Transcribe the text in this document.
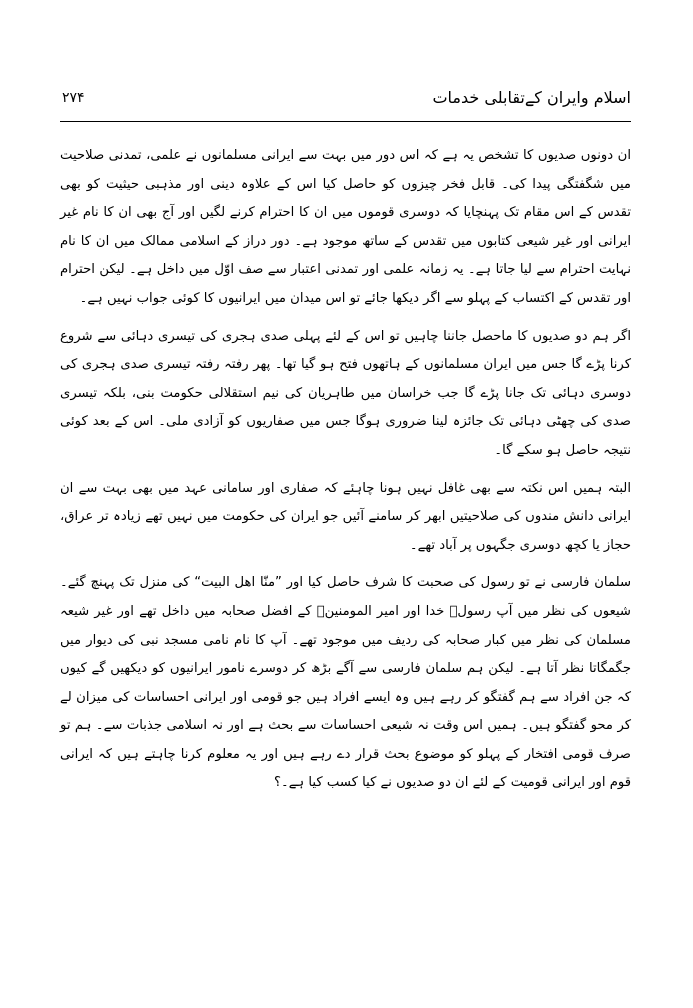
اسلام وایران کےتقابلی خدمات
۲۷۴

ان دونوں صدیوں کا تشخص یہ ہے کہ اس دور میں بہت سے ایرانی مسلمانوں نے علمی، تمدنی صلاحیت میں شگفتگی پیدا کی۔ قابل فخر چیزوں کو حاصل کیا اس کے علاوہ دینی اور مذہبی حیثیت کو بھی تقدس کے اس مقام تک پہنچایا کہ دوسری قوموں میں ان کا احترام کرنے لگیں اور آج بھی ان کا نام غیر ایرانی اور غیر شیعی کتابوں میں تقدس کے ساتھ موجود ہے۔ دور دراز کے اسلامی ممالک میں ان کا نام نہایت احترام سے لیا جاتا ہے۔ یہ زمانہ علمی اور تمدنی اعتبار سے صف اوّل میں داخل ہے۔ لیکن احترام اور تقدس کے اکتساب کے پہلو سے اگر دیکھا جائے تو اس میدان میں ایرانیوں کا کوئی جواب نہیں ہے۔

اگر ہم دو صدیوں کا ماحصل جاننا چاہیں تو اس کے لئے پہلی صدی ہجری کی تیسری دہائی سے شروع کرنا پڑے گا جس میں ایران مسلمانوں کے ہاتھوں فتح ہو گیا تھا۔ پھر رفتہ رفتہ تیسری صدی ہجری کی دوسری دہائی تک جانا پڑے گا جب خراسان میں طاہریان کی نیم استقلالی حکومت بنی، بلکہ تیسری صدی کی چھٹی دہائی تک جائزہ لینا ضروری ہوگا جس میں صفاریوں کو آزادی ملی۔ اس کے بعد کوئی نتیجہ حاصل ہو سکے گا۔

البتہ ہمیں اس نکتہ سے بھی غافل نہیں ہونا چاہئے کہ صفاری اور سامانی عہد میں بھی بہت سے ان ایرانی دانش مندوں کی صلاحیتیں ابھر کر سامنے آئیں جو ایران کی حکومت میں نہیں تھے زیادہ تر عراق، حجاز یا کچھ دوسری جگہوں پر آباد تھے۔

سلمان فارسی نے تو رسول کی صحبت کا شرف حاصل کیا اور ”منّا اھل البیت“ کی منزل تک پہنچ گئے۔ شیعوں کی نظر میں آپ رسولؐ خدا اور امیر المومنینؑ کے افضل صحابہ میں داخل تھے اور غیر شیعہ مسلمان کی نظر میں کبار صحابہ کی ردیف میں موجود تھے۔ آپ کا نام نامی مسجد نبی کی دیوار میں جگمگاتا نظر آتا ہے۔ لیکن ہم سلمان فارسی سے آگے بڑھ کر دوسرے نامور ایرانیوں کو دیکھیں گے کیوں کہ جن افراد سے ہم گفتگو کر رہے ہیں وہ ایسے افراد ہیں جو قومی اور ایرانی احساسات کی میزان لے کر محو گفتگو ہیں۔ ہمیں اس وقت نہ شیعی احساسات سے بحث ہے اور نہ اسلامی جذبات سے۔ ہم تو صرف قومی افتخار کے پہلو کو موضوع بحث قرار دے رہے ہیں اور یہ معلوم کرنا چاہتے ہیں کہ ایرانی قوم اور ایرانی قومیت کے لئے ان دو صدیوں نے کیا کسب کیا ہے۔؟
